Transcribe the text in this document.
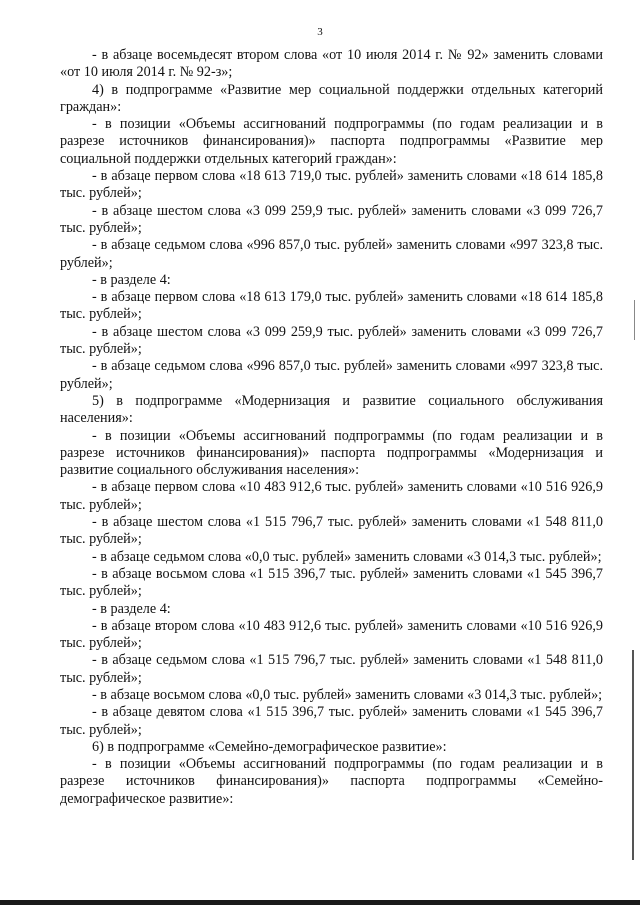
3

- в абзаце восемьдесят втором слова «от 10 июля 2014 г. № 92» заменить словами «от 10 июля 2014 г. № 92-з»;

4) в подпрограмме «Развитие мер социальной поддержки отдельных категорий граждан»:

- в позиции «Объемы ассигнований подпрограммы (по годам реализации и в разрезе источников финансирования)» паспорта подпрограммы «Развитие мер социальной поддержки отдельных категорий граждан»:

- в абзаце первом слова «18 613 719,0 тыс. рублей» заменить словами «18 614 185,8 тыс. рублей»;

- в абзаце шестом слова «3 099 259,9 тыс. рублей» заменить словами «3 099 726,7 тыс. рублей»;

- в абзаце седьмом слова «996 857,0 тыс. рублей» заменить словами «997 323,8 тыс. рублей»;

- в разделе 4:

- в абзаце первом слова «18 613 179,0 тыс. рублей» заменить словами «18 614 185,8 тыс. рублей»;

- в абзаце шестом слова «3 099 259,9 тыс. рублей» заменить словами «3 099 726,7 тыс. рублей»;

- в абзаце седьмом слова «996 857,0 тыс. рублей» заменить словами «997 323,8 тыс. рублей»;

5) в подпрограмме «Модернизация и развитие социального обслуживания населения»:

- в позиции «Объемы ассигнований подпрограммы (по годам реализации и в разрезе источников финансирования)» паспорта подпрограммы «Модернизация и развитие социального обслуживания населения»:

- в абзаце первом слова «10 483 912,6 тыс. рублей» заменить словами «10 516 926,9 тыс. рублей»;

- в абзаце шестом слова «1 515 796,7 тыс. рублей» заменить словами «1 548 811,0 тыс. рублей»;

- в абзаце седьмом слова «0,0 тыс. рублей» заменить словами «3 014,3 тыс. рублей»;

- в абзаце восьмом слова «1 515 396,7 тыс. рублей» заменить словами «1 545 396,7 тыс. рублей»;

- в разделе 4:

- в абзаце втором слова «10 483 912,6 тыс. рублей» заменить словами «10 516 926,9 тыс. рублей»;

- в абзаце седьмом слова «1 515 796,7 тыс. рублей» заменить словами «1 548 811,0 тыс. рублей»;

- в абзаце восьмом слова «0,0 тыс. рублей» заменить словами «3 014,3 тыс. рублей»;

- в абзаце девятом слова «1 515 396,7 тыс. рублей» заменить словами «1 545 396,7 тыс. рублей»;

6) в подпрограмме «Семейно-демографическое развитие»:

- в позиции «Объемы ассигнований подпрограммы (по годам реализации и в разрезе источников финансирования)» паспорта подпрограммы «Семейно-демографическое развитие»:
